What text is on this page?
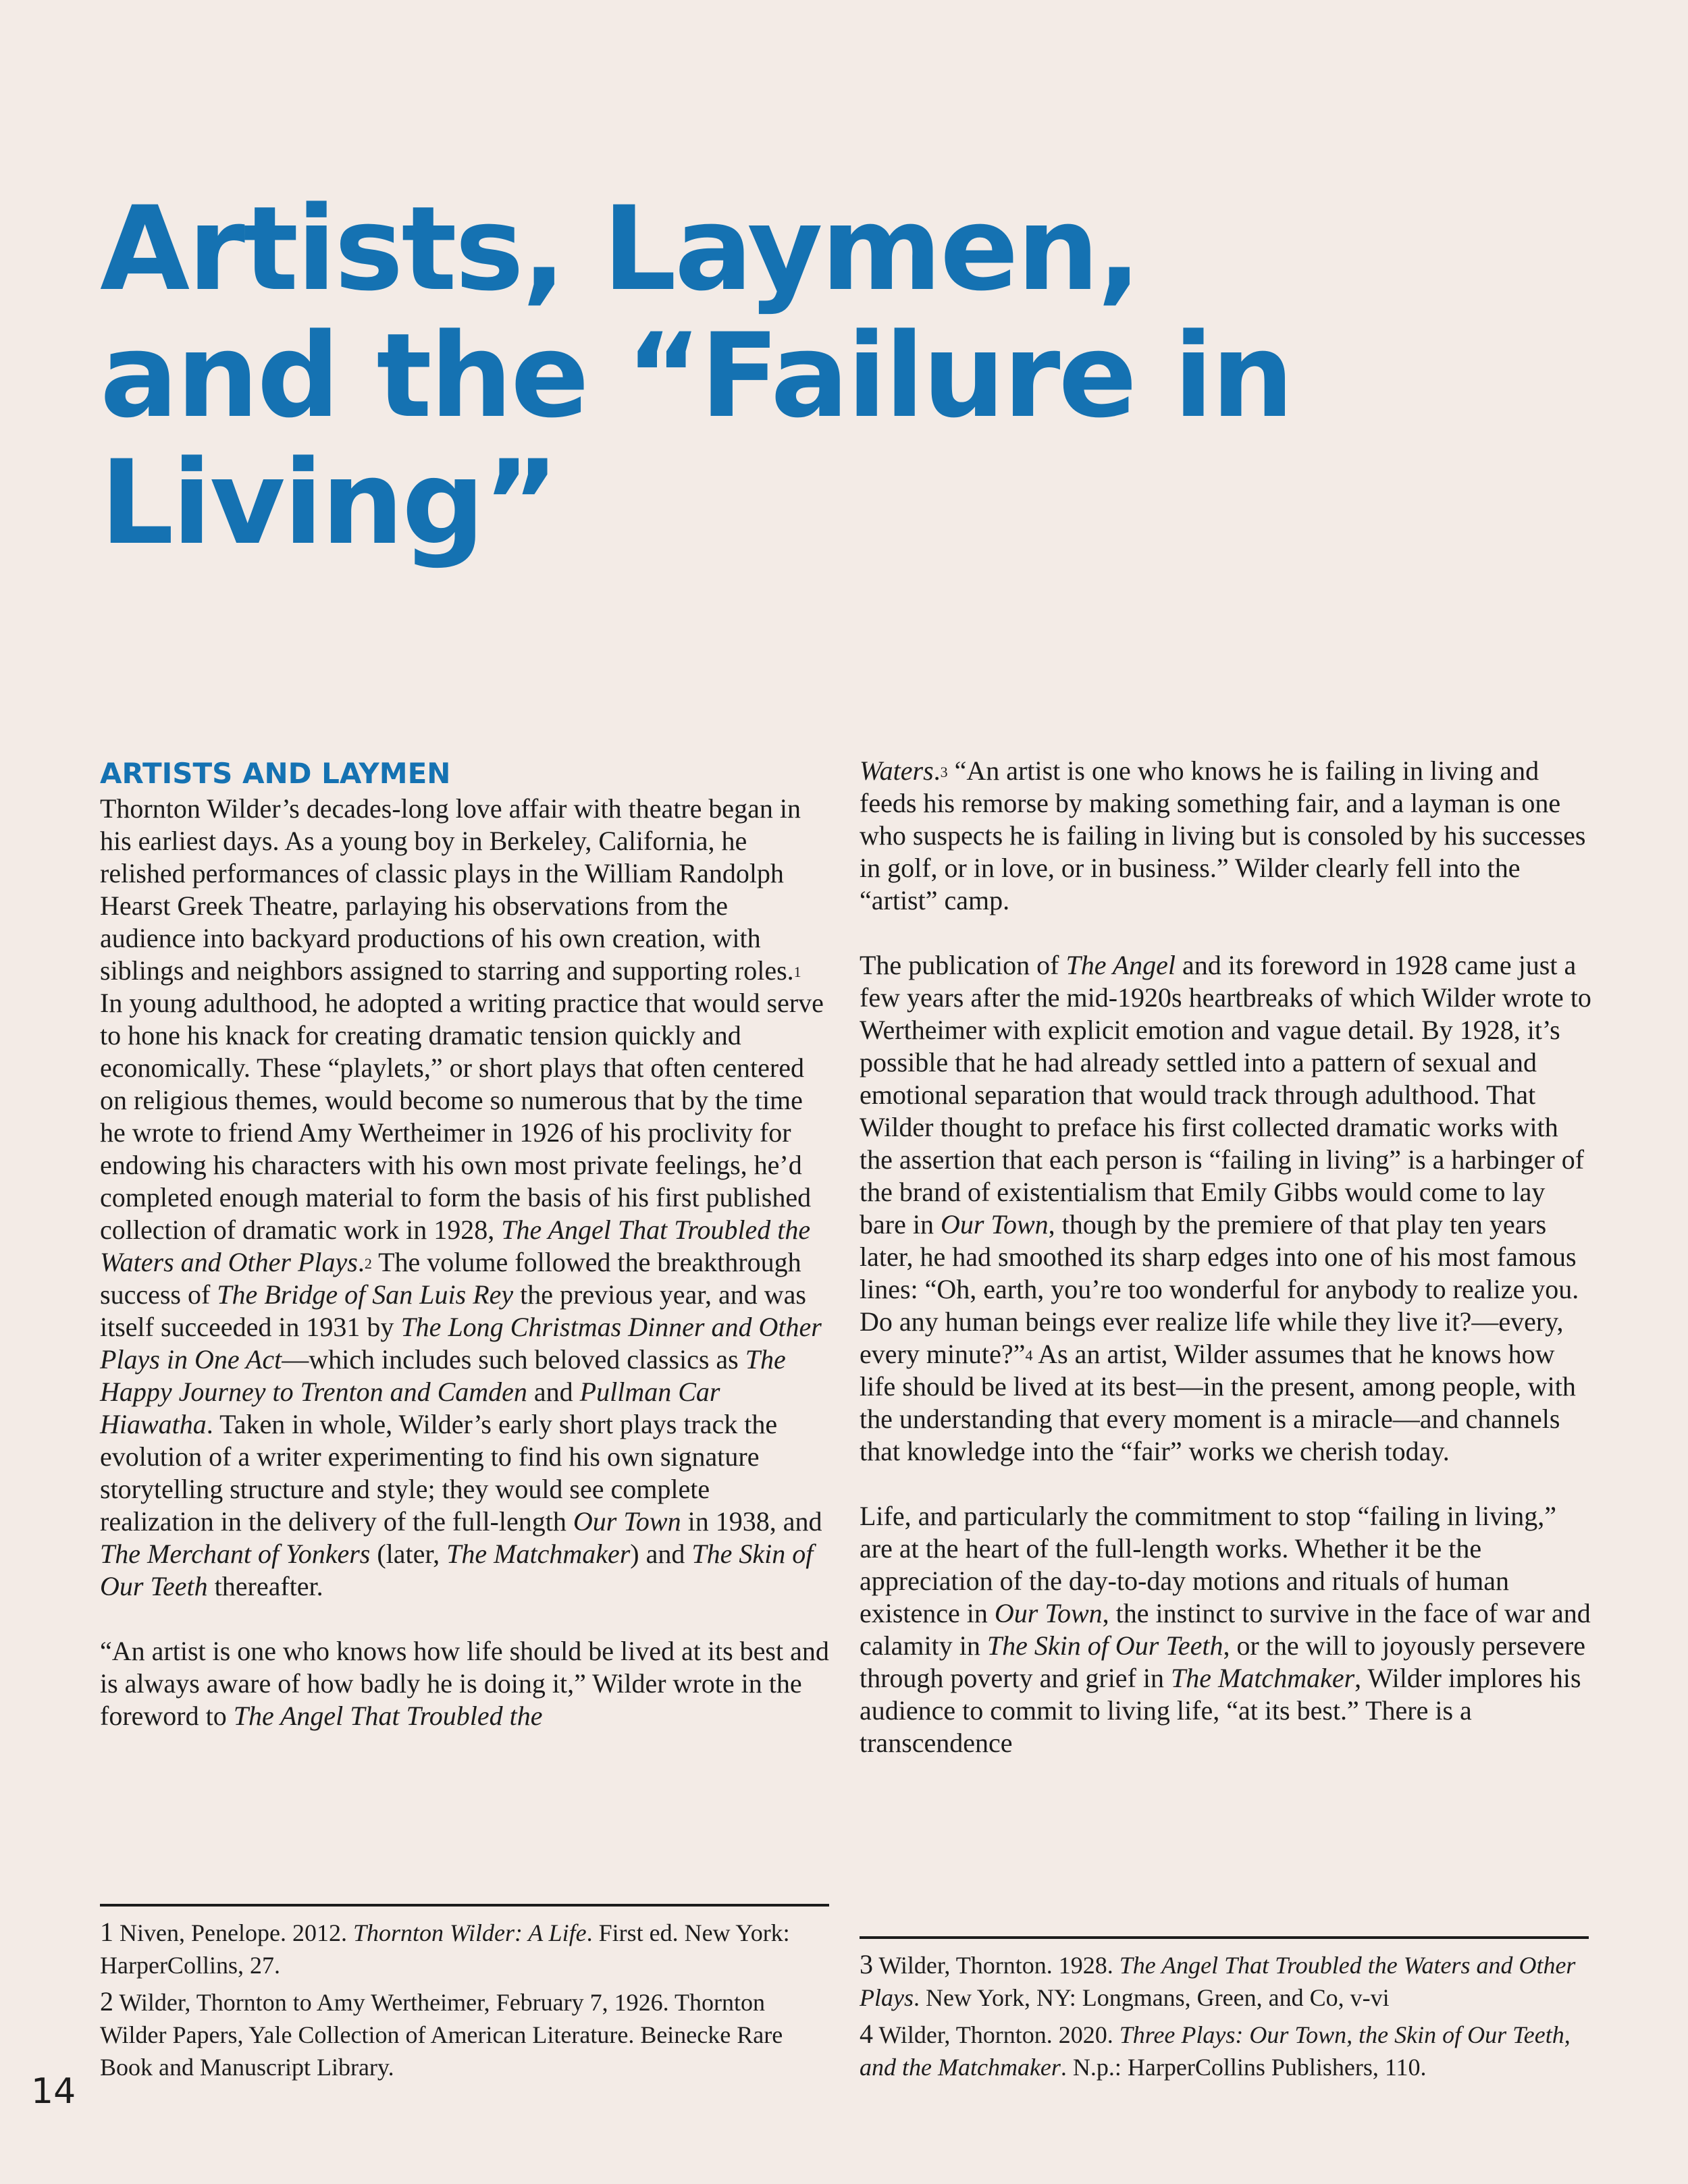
Artists, Laymen,
and the “Failure in
Living”
ARTISTS AND LAYMEN

Thornton Wilder’s decades-long love affair with theatre began in his earliest days. As a young boy in Berkeley, California, he relished performances of classic plays in the William Randolph Hearst Greek Theatre, parlaying his observations from the audience into backyard productions of his own creation, with siblings and neighbors assigned to starring and supporting roles.$^1$ In young adulthood, he adopted a writing practice that would serve to hone his knack for creating dramatic tension quickly and economically. These “playlets,” or short plays that often centered on religious themes, would become so numerous that by the time he wrote to friend Amy Wertheimer in 1926 of his proclivity for endowing his characters with his own most private feelings, he’d completed enough material to form the basis of his first published collection of dramatic work in 1928, The Angel That Troubled the Waters and Other Plays.$^2$ The volume followed the breakthrough success of The Bridge of San Luis Rey the previous year, and was itself succeeded in 1931 by The Long Christmas Dinner and Other Plays in One Act—which includes such beloved classics as The Happy Journey to Trenton and Camden and Pullman Car Hiawatha. Taken in whole, Wilder’s early short plays track the evolution of a writer experimenting to find his own signature storytelling structure and style; they would see complete realization in the delivery of the full-length Our Town in 1938, and The Merchant of Yonkers (later, The Matchmaker) and The Skin of Our Teeth thereafter.

“An artist is one who knows how life should be lived at its best and is always aware of how badly he is doing it,” Wilder wrote in the foreword to The Angel That Troubled the

Waters.$^3$ “An artist is one who knows he is failing in living and feeds his remorse by making something fair, and a layman is one who suspects he is failing in living but is consoled by his successes in golf, or in love, or in business.” Wilder clearly fell into the “artist” camp.

The publication of The Angel and its foreword in 1928 came just a few years after the mid-1920s heartbreaks of which Wilder wrote to Wertheimer with explicit emotion and vague detail. By 1928, it’s possible that he had already settled into a pattern of sexual and emotional separation that would track through adulthood. That Wilder thought to preface his first collected dramatic works with the assertion that each person is “failing in living” is a harbinger of the brand of existentialism that Emily Gibbs would come to lay bare in Our Town, though by the premiere of that play ten years later, he had smoothed its sharp edges into one of his most famous lines: “Oh, earth, you’re too wonderful for anybody to realize you. Do any human beings ever realize life while they live it?—every, every minute?”$^4$ As an artist, Wilder assumes that he knows how life should be lived at its best—in the present, among people, with the understanding that every moment is a miracle—and channels that knowledge into the “fair” works we cherish today.

Life, and particularly the commitment to stop “failing in living,” are at the heart of the full-length works. Whether it be the appreciation of the day-to-day motions and rituals of human existence in Our Town, the instinct to survive in the face of war and calamity in The Skin of Our Teeth, or the will to joyously persevere through poverty and grief in The Matchmaker, Wilder implores his audience to commit to living life, “at its best.” There is a transcendence

1 Niven, Penelope. 2012. Thornton Wilder: A Life. First ed. New York: HarperCollins, 27.

2 Wilder, Thornton to Amy Wertheimer, February 7, 1926. Thornton Wilder Papers, Yale Collection of American Literature. Beinecke Rare Book and Manuscript Library.

3 Wilder, Thornton. 1928. The Angel That Troubled the Waters and Other Plays. New York, NY: Longmans, Green, and Co, v-vi

4 Wilder, Thornton. 2020. Three Plays: Our Town, the Skin of Our Teeth, and the Matchmaker. N.p.: HarperCollins Publishers, 110.

14
